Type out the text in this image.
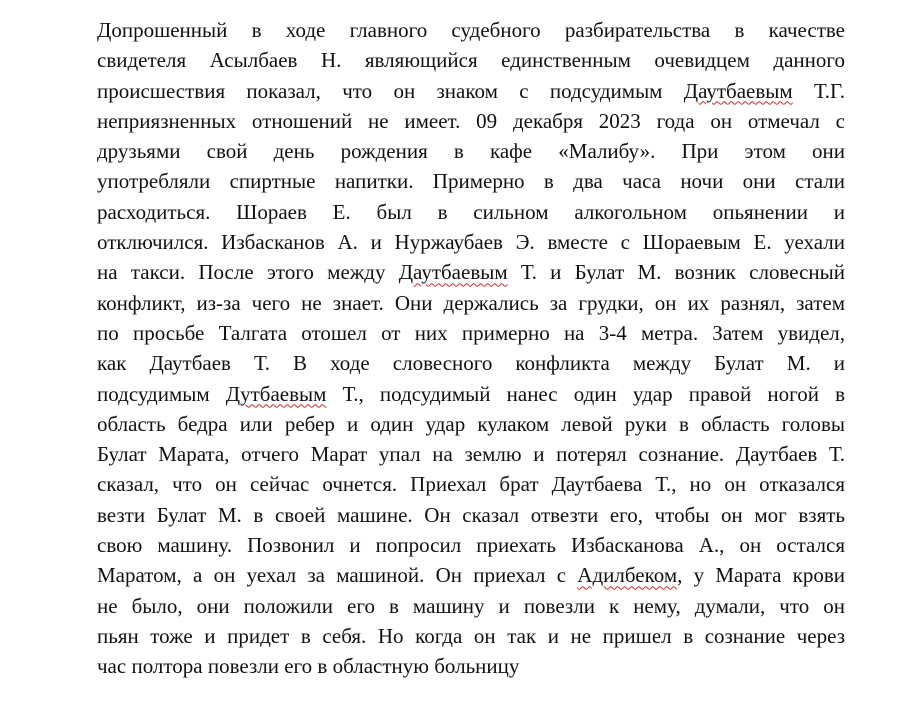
Допрошенный в ходе главного судебного разбирательства в качестве
свидетеля Асылбаев Н. являющийся единственным очевидцем данного
происшествия показал, что он знаком с подсудимым Даутбаевым Т.Г.
неприязненных отношений не имеет. 09 декабря 2023 года он отмечал с
друзьями свой день рождения в кафе «Малибу». При этом они
употребляли спиртные напитки. Примерно в два часа ночи они стали
расходиться. Шораев Е. был в сильном алкогольном опьянении и
отключился. Избасканов А. и Нуржаубаев Э. вместе с Шораевым Е. уехали
на такси. После этого между Даутбаевым Т. и Булат М. возник словесный
конфликт, из-за чего не знает. Они держались за грудки, он их разнял, затем
по просьбе Талгата отошел от них примерно на 3-4 метра. Затем увидел,
как Даутбаев Т. В ходе словесного конфликта между Булат М. и
подсудимым Дутбаевым Т., подсудимый нанес один удар правой ногой в
область бедра или ребер и один удар кулаком левой руки в область головы
Булат Марата, отчего Марат упал на землю и потерял сознание. Даутбаев Т.
сказал, что он сейчас очнется. Приехал брат Даутбаева Т., но он отказался
везти Булат М. в своей машине. Он сказал отвезти его, чтобы он мог взять
свою машину. Позвонил и попросил приехать Избасканова А., он остался
Маратом, а он уехал за машиной. Он приехал с Адилбеком, у Марата крови
не было, они положили его в машину и повезли к нему, думали, что он
пьян тоже и придет в себя. Но когда он так и не пришел в сознание через
час полтора повезли его в областную больницу
